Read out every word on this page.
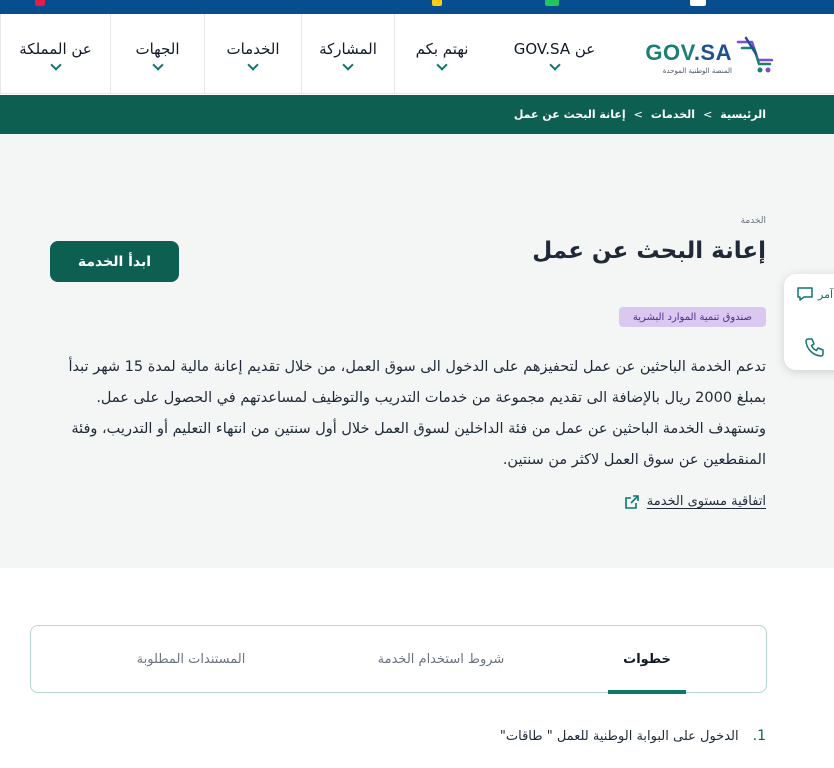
GOV.SA
المنصة الوطنية الموحدة
عن المملكة	الجهات	الخدمات	المشاركة	نهتم بكم	عن GOV.SA
الرئيسية
>
الخدمات
>
إعانة البحث عن عمل
الخدمة
إعانة البحث عن عمل
ابدأ الخدمة
صندوق تنمية الموارد البشرية

تدعم الخدمة الباحثين عن عمل لتحفيزهم على الدخول الى سوق العمل، من خلال تقديم إعانة مالية لمدة 15 شهر تبدأ بمبلغ 2000 ريال بالإضافة الى تقديم مجموعة من خدمات التدريب والتوظيف لمساعدتهم في الحصول على عمل. وتستهدف الخدمة الباحثين عن عمل من فئة الداخلين لسوق العمل خلال أول سنتين من انتهاء التعليم أو التدريب، وفئة المنقطعين عن سوق العمل لاكثر من سنتين.

اتفاقية مستوى الخدمة
آمر
خطوات
شروط استخدام الخدمة
المستندات المطلوبة
1.
الدخول على البوابة الوطنية للعمل " طاقات"
